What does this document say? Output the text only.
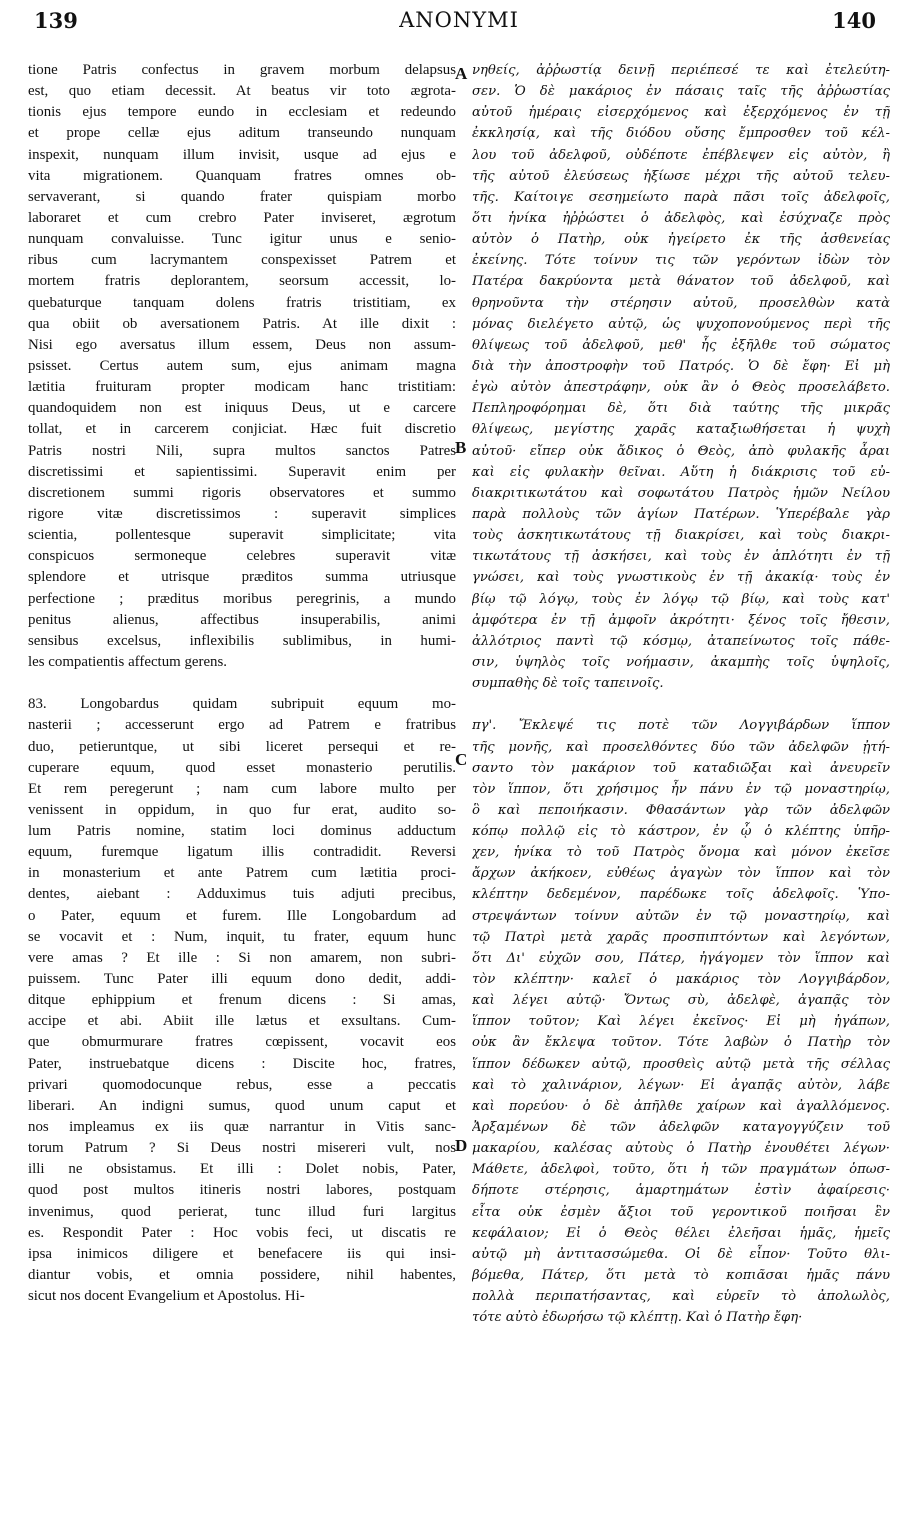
139	ANONYMI	140
tione Patris confectus in gravem morbum delapsus
est, quo etiam decessit. At beatus vir toto ægrota-
tionis ejus tempore eundo in ecclesiam et redeundo
et prope cellæ ejus aditum transeundo nunquam
inspexit, nunquam illum invisit, usque ad ejus e
vita migrationem. Quanquam fratres omnes ob-
servaverant, si quando frater quispiam morbo
laboraret et cum crebro Pater inviseret, ægrotum
nunquam convaluisse. Tunc igitur unus e senio-
ribus cum lacrymantem conspexisset Patrem et
mortem fratris deplorantem, seorsum accessit, lo-
quebaturque tanquam dolens fratris tristitiam, ex
qua obiit ob aversationem Patris. At ille dixit :
Nisi ego aversatus illum essem, Deus non assum-
psisset. Certus autem sum, ejus animam magna
lætitia fruituram propter modicam hanc tristitiam:
quandoquidem non est iniquus Deus, ut e carcere
tollat, et in carcerem conjiciat. Hæc fuit discretio
Patris nostri Nili, supra multos sanctos Patres
discretissimi et sapientissimi. Superavit enim per
discretionem summi rigoris observatores et summo
rigore vitæ discretissimos : superavit simplices
scientia, pollentesque superavit simplicitate; vita
conspicuos sermoneque celebres superavit vitæ
splendore et utrisque præditos summa utriusque
perfectione ; præditus moribus peregrinis, a mundo
penitus alienus, affectibus insuperabilis, animi
sensibus excelsus, inflexibilis sublimibus, in humi-
les compatientis affectum gerens.
83. Longobardus quidam subripuit equum mo-
nasterii ; accesserunt ergo ad Patrem e fratribus
duo, petieruntque, ut sibi liceret persequi et re-
cuperare equum, quod esset monasterio perutilis.
Et rem peregerunt ; nam cum labore multo per
venissent in oppidum, in quo fur erat, audito so-
lum Patris nomine, statim loci dominus adductum
equum, furemque ligatum illis contradidit. Reversi
in monasterium et ante Patrem cum lætitia proci-
dentes, aiebant : Adduximus tuis adjuti precibus,
o Pater, equum et furem. Ille Longobardum ad
se vocavit et : Num, inquit, tu frater, equum hunc
vere amas ? Et ille : Si non amarem, non subri-
puissem. Tunc Pater illi equum dono dedit, addi-
ditque ephippium et frenum dicens : Si amas,
accipe et abi. Abiit ille lætus et exsultans. Cum-
que obmurmurare fratres cœpissent, vocavit eos
Pater, instruebatque dicens : Discite hoc, fratres,
privari quomodocunque rebus, esse a peccatis
liberari. An indigni sumus, quod unum caput et
nos impleamus ex iis quæ narrantur in Vitis sanc-
torum Patrum ? Si Deus nostri misereri vult, nos
illi ne obsistamus. Et illi : Dolet nobis, Pater,
quod post multos itineris nostri labores, postquam
invenimus, quod perierat, tunc illud furi largitus
es. Respondit Pater : Hoc vobis feci, ut discatis re
ipsa inimicos diligere et benefacere iis qui insi-
diantur vobis, et omnia possidere, nihil habentes,
sicut nos docent Evangelium et Apostolus. Hi-
νηθείς, ἀῤῥωστίᾳ δεινῇ περιέπεσέ τε καὶ ἐτελεύτη-
σεν. Ὁ δὲ μακάριος ἐν πάσαις ταῖς τῆς ἀῤῥωστίας
αὐτοῦ ἡμέραις εἰσερχόμενος καὶ ἐξερχόμενος ἐν τῇ
ἐκκλησίᾳ, καὶ τῆς διόδου οὔσης ἔμπροσθεν τοῦ κέλ-
λου τοῦ ἀδελφοῦ, οὐδέποτε ἐπέβλεψεν εἰς αὐτὸν, ἢ
τῆς αὐτοῦ ἐλεύσεως ἠξίωσε μέχρι τῆς αὐτοῦ τελευ-
τῆς. Καίτοιγε σεσημείωτο παρὰ πᾶσι τοῖς ἀδελφοῖς,
ὅτι ἡνίκα ἠῤῥώστει ὁ ἀδελφὸς, καὶ ἐσύχναζε πρὸς
αὐτὸν ὁ Πατὴρ, οὐκ ἠγείρετο ἐκ τῆς ἀσθενείας
ἐκείνης. Τότε τοίνυν τις τῶν γερόντων ἰδὼν τὸν
Πατέρα δακρύοντα μετὰ θάνατον τοῦ ἀδελφοῦ, καὶ
θρηνοῦντα τὴν στέρησιν αὐτοῦ, προσελθὼν κατὰ
μόνας διελέγετο αὐτῷ, ὡς ψυχοπονούμενος περὶ τῆς
θλίψεως τοῦ ἀδελφοῦ, μεθ' ἧς ἐξῆλθε τοῦ σώματος
διὰ τὴν ἀποστροφὴν τοῦ Πατρός. Ὁ δὲ ἔφη· Εἰ μὴ
ἐγὼ αὐτὸν ἀπεστράφην, οὐκ ἂν ὁ Θεὸς προσελάβετο.
Πεπληροφόρημαι δὲ, ὅτι διὰ ταύτης τῆς μικρᾶς
θλίψεως, μεγίστης χαρᾶς καταξιωθήσεται ἡ ψυχὴ
αὐτοῦ· εἴπερ οὐκ ἄδικος ὁ Θεὸς, ἀπὸ φυλακῆς ἆραι
καὶ εἰς φυλακὴν θεῖναι. Αὕτη ἡ διάκρισις τοῦ εὐ-
διακριτικωτάτου καὶ σοφωτάτου Πατρὸς ἡμῶν Νείλου
παρὰ πολλοὺς τῶν ἁγίων Πατέρων. Ὑπερέβαλε γὰρ
τοὺς ἀσκητικωτάτους τῇ διακρίσει, καὶ τοὺς διακρι-
τικωτάτους τῇ ἀσκήσει, καὶ τοὺς ἐν ἁπλότητι ἐν τῇ
γνώσει, καὶ τοὺς γνωστικοὺς ἐν τῇ ἀκακίᾳ· τοὺς ἐν
βίῳ τῷ λόγῳ, τοὺς ἐν λόγῳ τῷ βίῳ, καὶ τοὺς κατ'
ἀμφότερα ἐν τῇ ἀμφοῖν ἀκρότητι· ξένος τοῖς ἤθεσιν,
ἀλλότριος παντὶ τῷ κόσμῳ, ἀταπείνωτος τοῖς πάθε-
σιν, ὑψηλὸς τοῖς νοήμασιν, ἀκαμπὴς τοῖς ὑψηλοῖς,
συμπαθὴς δὲ τοῖς ταπεινοῖς.
πγ'. Ἔκλεψέ τις ποτὲ τῶν Λογγιβάρδων ἵππον
τῆς μονῆς, καὶ προσελθόντες δύο τῶν ἀδελφῶν ᾐτή-
σαντο τὸν μακάριον τοῦ καταδιῶξαι καὶ ἀνευρεῖν
τὸν ἵππον, ὅτι χρήσιμος ἦν πάνυ ἐν τῷ μοναστηρίῳ,
ὃ καὶ πεποιήκασιν. Φθασάντων γὰρ τῶν ἀδελφῶν
κόπῳ πολλῷ εἰς τὸ κάστρον, ἐν ᾧ ὁ κλέπτης ὑπῆρ-
χεν, ἡνίκα τὸ τοῦ Πατρὸς ὄνομα καὶ μόνον ἐκεῖσε
ἄρχων ἀκήκοεν, εὐθέως ἀγαγὼν τὸν ἵππον καὶ τὸν
κλέπτην δεδεμένον, παρέδωκε τοῖς ἀδελφοῖς. Ὑπο-
στρεψάντων τοίνυν αὐτῶν ἐν τῷ μοναστηρίῳ, καὶ
τῷ Πατρὶ μετὰ χαρᾶς προσπιπτόντων καὶ λεγόντων,
ὅτι Δι' εὐχῶν σου, Πάτερ, ἠγάγομεν τὸν ἵππον καὶ
τὸν κλέπτην· καλεῖ ὁ μακάριος τὸν Λογγιβάρδον,
καὶ λέγει αὐτῷ· Ὄντως σὺ, ἀδελφὲ, ἀγαπᾷς τὸν
ἵππον τοῦτον; Καὶ λέγει ἐκεῖνος· Εἰ μὴ ἠγάπων,
οὐκ ἂν ἔκλεψα τοῦτον. Τότε λαβὼν ὁ Πατὴρ τὸν
ἵππον δέδωκεν αὐτῷ, προσθεὶς αὐτῷ μετὰ τῆς σέλλας
καὶ τὸ χαλινάριον, λέγων· Εἰ ἀγαπᾷς αὐτὸν, λάβε
καὶ πορεύου· ὁ δὲ ἀπῆλθε χαίρων καὶ ἀγαλλόμενος.
Ἀρξαμένων δὲ τῶν ἀδελφῶν καταγογγύζειν τοῦ
μακαρίου, καλέσας αὐτοὺς ὁ Πατὴρ ἐνουθέτει λέγων·
Μάθετε, ἀδελφοὶ, τοῦτο, ὅτι ἡ τῶν πραγμάτων ὁπωσ-
δήποτε στέρησις, ἁμαρτημάτων ἐστὶν ἀφαίρεσις·
εἶτα οὐκ ἐσμὲν ἄξιοι τοῦ γεροντικοῦ ποιῆσαι ἓν
κεφάλαιον; Εἰ ὁ Θεὸς θέλει ἐλεῆσαι ἡμᾶς, ἡμεῖς
αὐτῷ μὴ ἀντιτασσώμεθα. Οἱ δὲ εἶπον· Τοῦτο θλι-
βόμεθα, Πάτερ, ὅτι μετὰ τὸ κοπιᾶσαι ἡμᾶς πάνυ
πολλὰ περιπατήσαντας, καὶ εὑρεῖν τὸ ἀπολωλὸς,
τότε αὐτὸ ἐδωρήσω τῷ κλέπτῃ. Καὶ ὁ Πατὴρ ἔφη·
A
B
C
D
